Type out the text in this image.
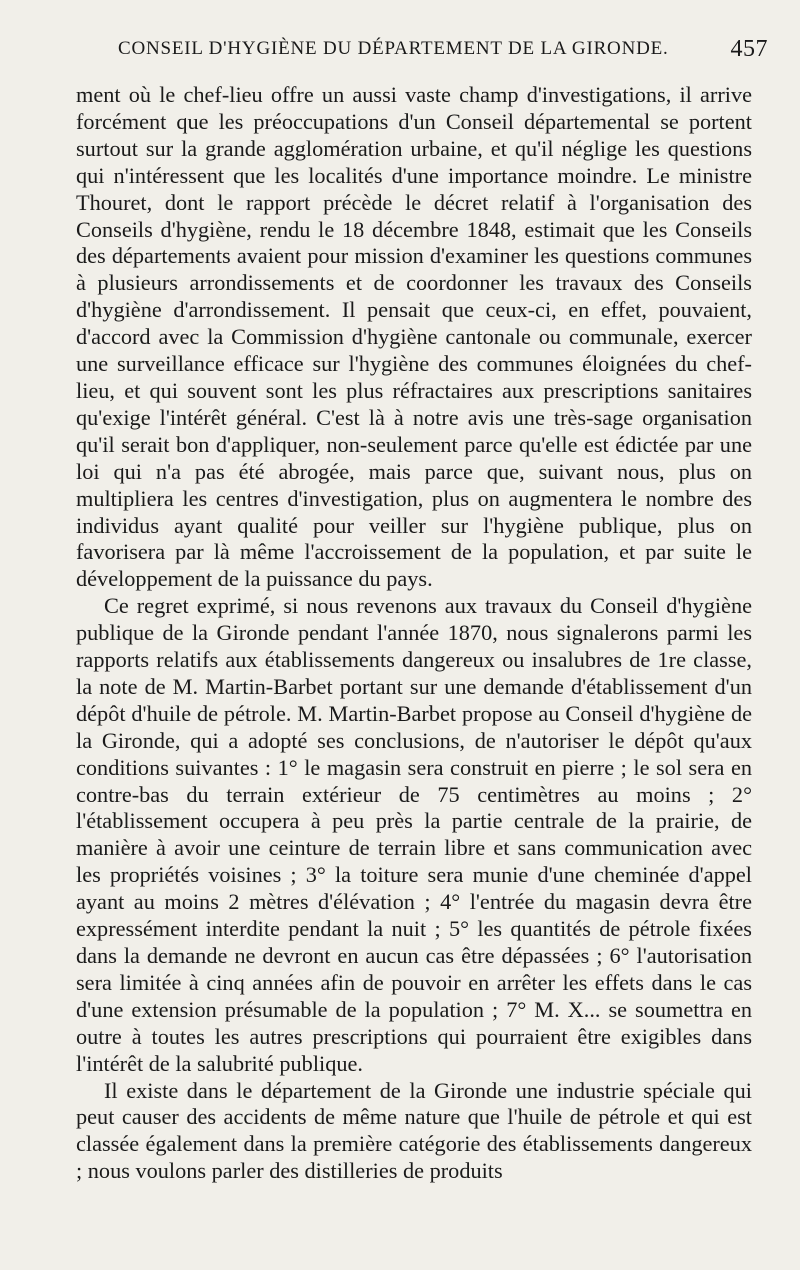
CONSEIL D'HYGIÈNE DU DÉPARTEMENT DE LA GIRONDE.	457

ment où le chef-lieu offre un aussi vaste champ d'investigations, il arrive forcément que les préoccupations d'un Conseil départemental se portent surtout sur la grande agglomération urbaine, et qu'il néglige les questions qui n'intéressent que les localités d'une importance moindre. Le ministre Thouret, dont le rapport précède le décret relatif à l'organisation des Conseils d'hygiène, rendu le 18 décembre 1848, estimait que les Conseils des départements avaient pour mission d'examiner les questions communes à plusieurs arrondissements et de coordonner les travaux des Conseils d'hygiène d'arrondissement. Il pensait que ceux-ci, en effet, pouvaient, d'accord avec la Commission d'hygiène cantonale ou communale, exercer une surveillance efficace sur l'hygiène des communes éloignées du chef-lieu, et qui souvent sont les plus réfractaires aux prescriptions sanitaires qu'exige l'intérêt général. C'est là à notre avis une très-sage organisation qu'il serait bon d'appliquer, non-seulement parce qu'elle est édictée par une loi qui n'a pas été abrogée, mais parce que, suivant nous, plus on multipliera les centres d'investigation, plus on augmentera le nombre des individus ayant qualité pour veiller sur l'hygiène publique, plus on favorisera par là même l'accroissement de la population, et par suite le développement de la puissance du pays.

Ce regret exprimé, si nous revenons aux travaux du Conseil d'hygiène publique de la Gironde pendant l'année 1870, nous signalerons parmi les rapports relatifs aux établissements dangereux ou insalubres de 1re classe, la note de M. Martin-Barbet portant sur une demande d'établissement d'un dépôt d'huile de pétrole. M. Martin-Barbet propose au Conseil d'hygiène de la Gironde, qui a adopté ses conclusions, de n'autoriser le dépôt qu'aux conditions suivantes : 1° le magasin sera construit en pierre ; le sol sera en contre-bas du terrain extérieur de 75 centimètres au moins ; 2° l'établissement occupera à peu près la partie centrale de la prairie, de manière à avoir une ceinture de terrain libre et sans communication avec les propriétés voisines ; 3° la toiture sera munie d'une cheminée d'appel ayant au moins 2 mètres d'élévation ; 4° l'entrée du magasin devra être expressément interdite pendant la nuit ; 5° les quantités de pétrole fixées dans la demande ne devront en aucun cas être dépassées ; 6° l'autorisation sera limitée à cinq années afin de pouvoir en arrêter les effets dans le cas d'une extension présumable de la population ; 7° M. X... se soumettra en outre à toutes les autres prescriptions qui pourraient être exigibles dans l'intérêt de la salubrité publique.

Il existe dans le département de la Gironde une industrie spéciale qui peut causer des accidents de même nature que l'huile de pétrole et qui est classée également dans la première catégorie des établissements dangereux ; nous voulons parler des distilleries de produits
